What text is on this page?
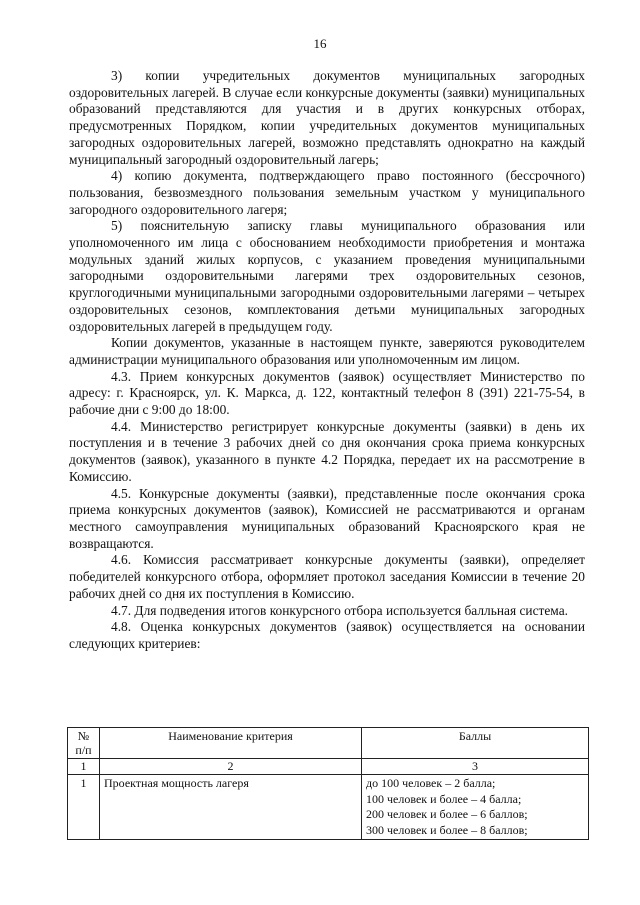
16

3) копии учредительных документов муниципальных загородных оздоровительных лагерей. В случае если конкурсные документы (заявки) муниципальных образований представляются для участия и в других конкурсных отборах, предусмотренных Порядком, копии учредительных документов муниципальных загородных оздоровительных лагерей, возможно представлять однократно на каждый муниципальный загородный оздоровительный лагерь;

4) копию документа, подтверждающего право постоянного (бессрочного) пользования, безвозмездного пользования земельным участком у муниципального загородного оздоровительного лагеря;

5) пояснительную записку главы муниципального образования или уполномоченного им лица с обоснованием необходимости приобретения и монтажа модульных зданий жилых корпусов, с указанием проведения муниципальными загородными оздоровительными лагерями трех оздоровительных сезонов, круглогодичными муниципальными загородными оздоровительными лагерями – четырех оздоровительных сезонов, комплектования детьми муниципальных загородных оздоровительных лагерей в предыдущем году.

Копии документов, указанные в настоящем пункте, заверяются руководителем администрации муниципального образования или уполномоченным им лицом.

4.3. Прием конкурсных документов (заявок) осуществляет Министерство по адресу: г. Красноярск, ул. К. Маркса, д. 122, контактный телефон 8 (391) 221-75-54, в рабочие дни с 9:00 до 18:00.

4.4. Министерство регистрирует конкурсные документы (заявки) в день их поступления и в течение 3 рабочих дней со дня окончания срока приема конкурсных документов (заявок), указанного в пункте 4.2 Порядка, передает их на рассмотрение в Комиссию.

4.5. Конкурсные документы (заявки), представленные после окончания срока приема конкурсных документов (заявок), Комиссией не рассматриваются и органам местного самоуправления муниципальных образований Красноярского края не возвращаются.

4.6. Комиссия рассматривает конкурсные документы (заявки), определяет победителей конкурсного отбора, оформляет протокол заседания Комиссии в течение 20 рабочих дней со дня их поступления в Комиссию.

4.7. Для подведения итогов конкурсного отбора используется балльная система.

4.8. Оценка конкурсных документов (заявок) осуществляется на основании следующих критериев:

№ п/п	Наименование критерия	Баллы
1	2	3
1	Проектная мощность лагеря	до 100 человек – 2 балла;
100 человек и более – 4 балла;
200 человек и более – 6 баллов;
300 человек и более – 8 баллов;
